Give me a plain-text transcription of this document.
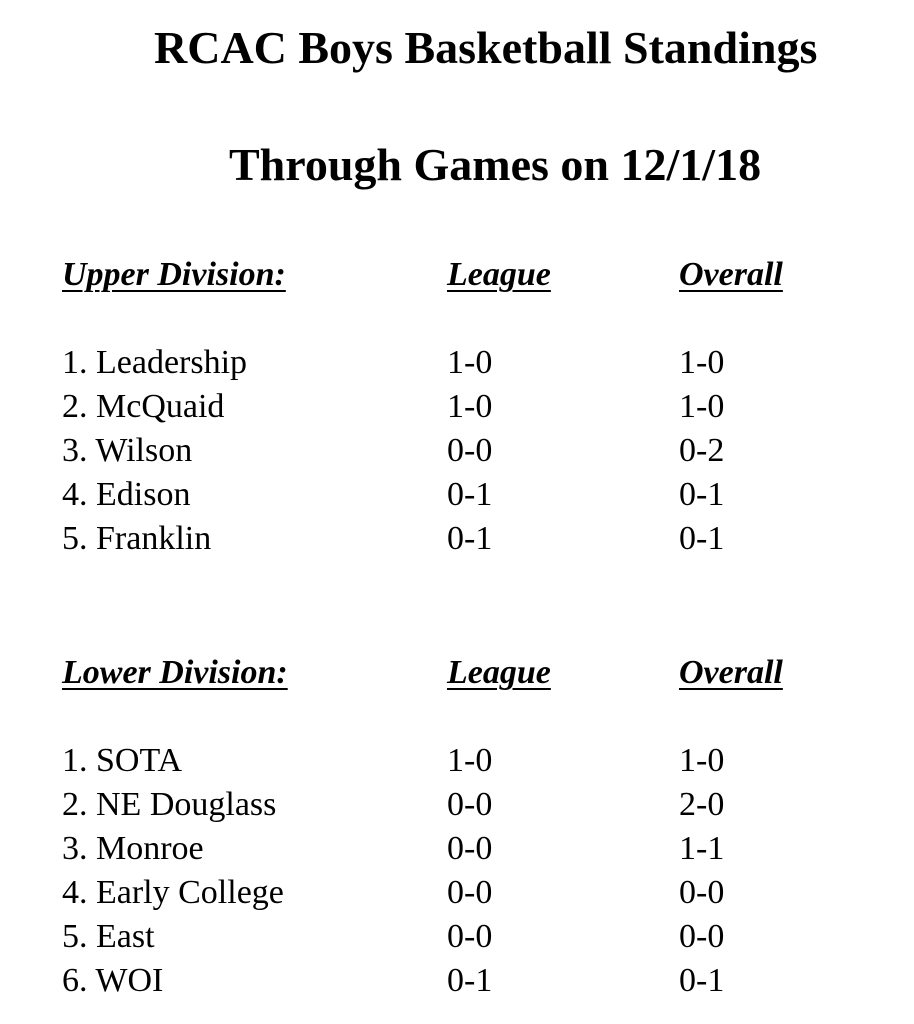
RCAC Boys Basketball Standings
Through Games on 12/1/18
Upper Division:	League	Overall
1. Leadership	1-0	1-0
2. McQuaid	1-0	1-0
3. Wilson	0-0	0-2
4. Edison	0-1	0-1
5. Franklin	0-1	0-1
Lower Division:	League	Overall
1. SOTA	1-0	1-0
2. NE Douglass	0-0	2-0
3. Monroe	0-0	1-1
4. Early College	0-0	0-0
5. East	0-0	0-0
6. WOI	0-1	0-1
